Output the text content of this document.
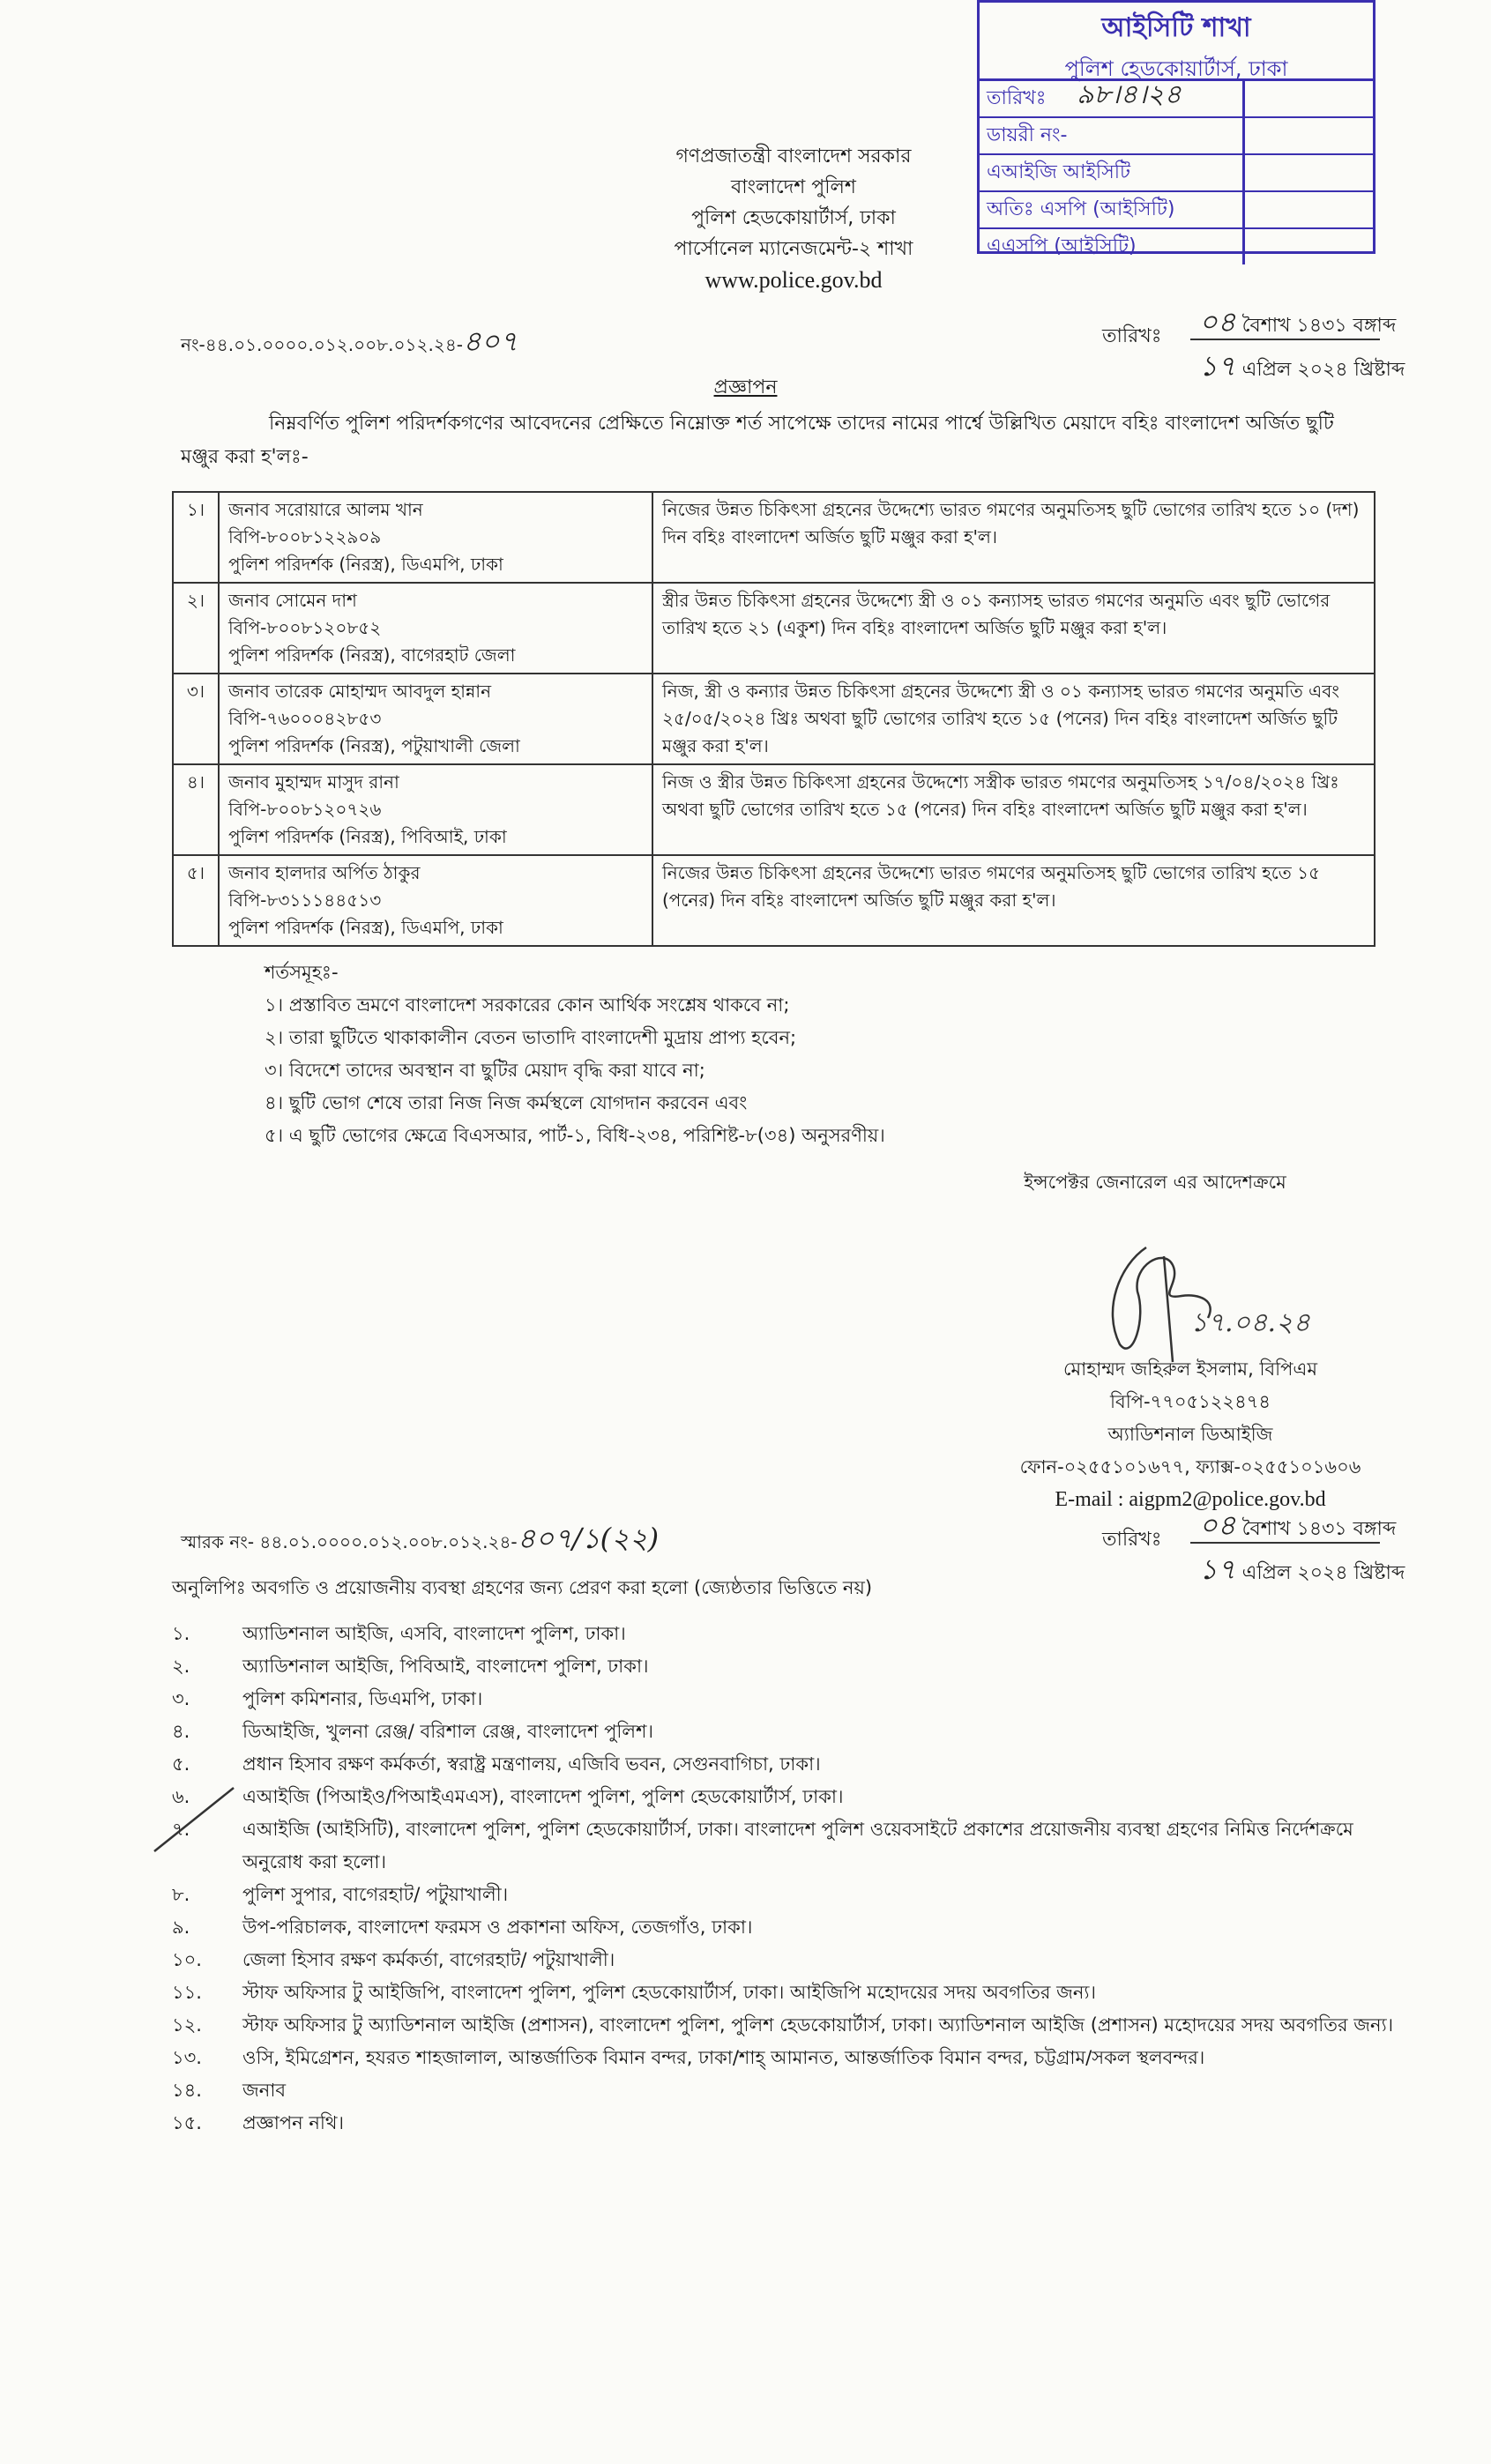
আইসিটি শাখা
পুলিশ হেডকোয়ার্টার্স, ঢাকা
তারিখঃ ৯৮।৪।২৪
ডায়রী নং-
এআইজি আইসিটি
অতিঃ এসপি (আইসিটি)
এএসপি (আইসিটি)
গণপ্রজাতন্ত্রী বাংলাদেশ সরকার
বাংলাদেশ পুলিশ
পুলিশ হেডকোয়ার্টার্স, ঢাকা
পার্সোনেল ম্যানেজমেন্ট-২ শাখা
www.police.gov.bd
নং-৪৪.০১.০০০০.০১২.০০৮.০১২.২৪-৪০৭	তারিখঃ ০৪ বৈশাখ ১৪৩১ বঙ্গাব্দ
১৭ এপ্রিল ২০২৪ খ্রিষ্টাব্দ
প্রজ্ঞাপন
নিম্নবর্ণিত পুলিশ পরিদর্শকগণের আবেদনের প্রেক্ষিতে নিম্নোক্ত শর্ত সাপেক্ষে তাদের নামের পার্শ্বে উল্লিখিত মেয়াদে বহিঃ বাংলাদেশ অর্জিত ছুটি মঞ্জুর করা হ'লঃ-
১।	জনাব সরোয়ারে আলম খান
বিপি-৮০০৮১২২৯০৯
পুলিশ পরিদর্শক (নিরস্ত্র), ডিএমপি, ঢাকা	নিজের উন্নত চিকিৎসা গ্রহনের উদ্দেশ্যে ভারত গমণের অনুমতিসহ ছুটি ভোগের তারিখ হতে ১০ (দশ) দিন বহিঃ বাংলাদেশ অর্জিত ছুটি মঞ্জুর করা হ'ল।
২।	জনাব সোমেন দাশ
বিপি-৮০০৮১২০৮৫২
পুলিশ পরিদর্শক (নিরস্ত্র), বাগেরহাট জেলা	স্ত্রীর উন্নত চিকিৎসা গ্রহনের উদ্দেশ্যে স্ত্রী ও ০১ কন্যাসহ ভারত গমণের অনুমতি এবং ছুটি ভোগের তারিখ হতে ২১ (একুশ) দিন বহিঃ বাংলাদেশ অর্জিত ছুটি মঞ্জুর করা হ'ল।
৩।	জনাব তারেক মোহাম্মদ আবদুল হান্নান
বিপি-৭৬০০০৪২৮৫৩
পুলিশ পরিদর্শক (নিরস্ত্র), পটুয়াখালী জেলা	নিজ, স্ত্রী ও কন্যার উন্নত চিকিৎসা গ্রহনের উদ্দেশ্যে স্ত্রী ও ০১ কন্যাসহ ভারত গমণের অনুমতি এবং ২৫/০৫/২০২৪ খ্রিঃ অথবা ছুটি ভোগের তারিখ হতে ১৫ (পনের) দিন বহিঃ বাংলাদেশ অর্জিত ছুটি মঞ্জুর করা হ'ল।
৪।	জনাব মুহাম্মদ মাসুদ রানা
বিপি-৮০০৮১২০৭২৬
পুলিশ পরিদর্শক (নিরস্ত্র), পিবিআই, ঢাকা	নিজ ও স্ত্রীর উন্নত চিকিৎসা গ্রহনের উদ্দেশ্যে সস্ত্রীক ভারত গমণের অনুমতিসহ ১৭/০৪/২০২৪ খ্রিঃ অথবা ছুটি ভোগের তারিখ হতে ১৫ (পনের) দিন বহিঃ বাংলাদেশ অর্জিত ছুটি মঞ্জুর করা হ'ল।
৫।	জনাব হালদার অর্পিত ঠাকুর
বিপি-৮৩১১১৪৪৫১৩
পুলিশ পরিদর্শক (নিরস্ত্র), ডিএমপি, ঢাকা	নিজের উন্নত চিকিৎসা গ্রহনের উদ্দেশ্যে ভারত গমণের অনুমতিসহ ছুটি ভোগের তারিখ হতে ১৫ (পনের) দিন বহিঃ বাংলাদেশ অর্জিত ছুটি মঞ্জুর করা হ'ল।
শর্তসমূহঃ-
১। প্রস্তাবিত ভ্রমণে বাংলাদেশ সরকারের কোন আর্থিক সংশ্লেষ থাকবে না;
২। তারা ছুটিতে থাকাকালীন বেতন ভাতাদি বাংলাদেশী মুদ্রায় প্রাপ্য হবেন;
৩। বিদেশে তাদের অবস্থান বা ছুটির মেয়াদ বৃদ্ধি করা যাবে না;
৪। ছুটি ভোগ শেষে তারা নিজ নিজ কর্মস্থলে যোগদান করবেন এবং
৫। এ ছুটি ভোগের ক্ষেত্রে বিএসআর, পার্ট-১, বিধি-২৩৪, পরিশিষ্ট-৮(৩৪) অনুসরণীয়।
ইন্সপেক্টর জেনারেল এর আদেশক্রমে
১৭.০৪.২৪
মোহাম্মদ জহিরুল ইসলাম, বিপিএম
বিপি-৭৭০৫১২২৪৭৪
অ্যাডিশনাল ডিআইজি
ফোন-০২৫৫১০১৬৭৭, ফ্যাক্স-০২৫৫১০১৬০৬
E-mail : aigpm2@police.gov.bd
স্মারক নং- ৪৪.০১.০০০০.০১২.০০৮.০১২.২৪-৪০৭/১(২২)	তারিখঃ ০৪ বৈশাখ ১৪৩১ বঙ্গাব্দ
১৭ এপ্রিল ২০২৪ খ্রিষ্টাব্দ
অনুলিপিঃ অবগতি ও প্রয়োজনীয় ব্যবস্থা গ্রহণের জন্য প্রেরণ করা হলো (জ্যেষ্ঠতার ভিত্তিতে নয়)
১.	অ্যাডিশনাল আইজি, এসবি, বাংলাদেশ পুলিশ, ঢাকা।
২.	অ্যাডিশনাল আইজি, পিবিআই, বাংলাদেশ পুলিশ, ঢাকা।
৩.	পুলিশ কমিশনার, ডিএমপি, ঢাকা।
৪.	ডিআইজি, খুলনা রেঞ্জ/ বরিশাল রেঞ্জ, বাংলাদেশ পুলিশ।
৫.	প্রধান হিসাব রক্ষণ কর্মকর্তা, স্বরাষ্ট্র মন্ত্রণালয়, এজিবি ভবন, সেগুনবাগিচা, ঢাকা।
৬.	এআইজি (পিআইও/পিআইএমএস), বাংলাদেশ পুলিশ, পুলিশ হেডকোয়ার্টার্স, ঢাকা।
৭.	এআইজি (আইসিটি), বাংলাদেশ পুলিশ, পুলিশ হেডকোয়ার্টার্স, ঢাকা। বাংলাদেশ পুলিশ ওয়েবসাইটে প্রকাশের প্রয়োজনীয় ব্যবস্থা গ্রহণের নিমিত্ত নির্দেশক্রমে অনুরোধ করা হলো।
৮.	পুলিশ সুপার, বাগেরহাট/ পটুয়াখালী।
৯.	উপ-পরিচালক, বাংলাদেশ ফরমস ও প্রকাশনা অফিস, তেজগাঁও, ঢাকা।
১০.	জেলা হিসাব রক্ষণ কর্মকর্তা, বাগেরহাট/ পটুয়াখালী।
১১.	স্টাফ অফিসার টু আইজিপি, বাংলাদেশ পুলিশ, পুলিশ হেডকোয়ার্টার্স, ঢাকা। আইজিপি মহোদয়ের সদয় অবগতির জন্য।
১২.	স্টাফ অফিসার টু অ্যাডিশনাল আইজি (প্রশাসন), বাংলাদেশ পুলিশ, পুলিশ হেডকোয়ার্টার্স, ঢাকা। অ্যাডিশনাল আইজি (প্রশাসন) মহোদয়ের সদয় অবগতির জন্য।
১৩.	ওসি, ইমিগ্রেশন, হযরত শাহজালাল, আন্তর্জাতিক বিমান বন্দর, ঢাকা/শাহ্ আমানত, আন্তর্জাতিক বিমান বন্দর, চট্টগ্রাম/সকল স্থলবন্দর।
১৪.	জনাব
১৫.	প্রজ্ঞাপন নথি।
